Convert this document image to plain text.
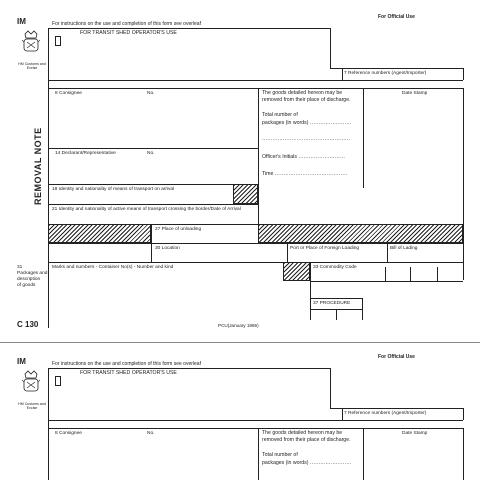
IM	For instructions on the use and completion of this form see overleaf
For Official Use
HM Customs and Excise
FOR TRANSIT SHED OPERATOR'S USE
7 Reference numbers (Agent/Importer)
8 Consignee	No.	The goods detailed hereon may be
removed from their place of discharge.
Total number of
packages (in words) ……………………
……………………………………………
Date Stamp
REMOVAL NOTE	14 Declarant/Representative	No.
Officer's Initials ………………………
Time ……………………………………
18 Identity and nationality of means of transport on arrival
21 Identity and nationality of active means of transport crossing the border/Date of Arrival
27 Place of unloading
30 Location	Port or Place of Foreign Loading	Bill of Lading
31
Packages and
description
of goods
Marks and numbers - Container No(s) - Number and kind	33 Commodity Code
37 PROCEDURE
C 130	PCU(January 1986)
IM	For instructions on the use and completion of this form see overleaf
For Official Use
HM Customs and Excise
FOR TRANSIT SHED OPERATOR'S USE
7 Reference numbers (Agent/Importer)
8 Consignee	No.	The goods detailed hereon may be
removed from their place of discharge.
Total number of
packages (in words) ……………………
Date Stamp
